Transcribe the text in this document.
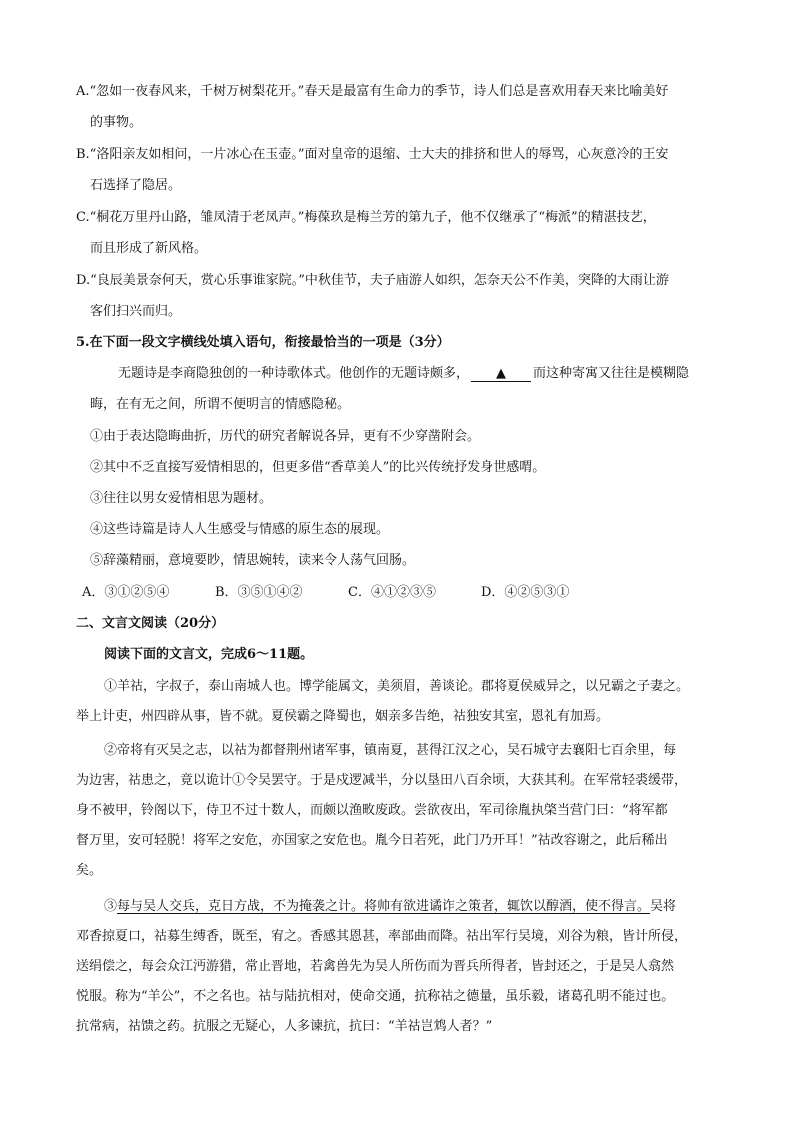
A.“忽如一夜春风来，千树万树梨花开。”春天是最富有生命力的季节，诗人们总是喜欢用春天来比喻美好
的事物。
B.“洛阳亲友如相问，一片冰心在玉壶。”面对皇帝的退缩、士大夫的排挤和世人的辱骂，心灰意冷的王安
石选择了隐居。
C.“桐花万里丹山路，雏凤清于老凤声。”梅葆玖是梅兰芳的第九子，他不仅继承了“梅派”的精湛技艺，
而且形成了新风格。
D.“良辰美景奈何天，赏心乐事谁家院。”中秋佳节，夫子庙游人如织，怎奈天公不作美，突降的大雨让游
客们扫兴而归。
5.在下面一段文字横线处填入语句，衔接最恰当的一项是（3分）
无题诗是李商隐独创的一种诗歌体式。他创作的无题诗颇多， ▲ 而这种寄寓又往往是模糊隐
晦，在有无之间，所谓不便明言的情感隐秘。
①由于表达隐晦曲折，历代的研究者解说各异，更有不少穿凿附会。
②其中不乏直接写爱情相思的，但更多借“香草美人”的比兴传统抒发身世感喟。
③往往以男女爱情相思为题材。
④这些诗篇是诗人人生感受与情感的原生态的展现。
⑤辞藻精丽，意境要眇，情思婉转，读来令人荡气回肠。
A．③①②⑤④	B．③⑤①④②	C．④①②③⑤	D．④②⑤③①
二、文言文阅读（20分）
阅读下面的文言文，完成6～11题。
①羊祜，字叔子，泰山南城人也。博学能属文，美须眉，善谈论。郡将夏侯威异之，以兄霸之子妻之。
举上计吏，州四辟从事，皆不就。夏侯霸之降蜀也，姻亲多告绝，祜独安其室，恩礼有加焉。
②帝将有灭吴之志，以祜为都督荆州诸军事，镇南夏，甚得江汉之心，吴石城守去襄阳七百余里，每
为边害，祜患之，竟以诡计①令吴罢守。于是戍逻减半，分以垦田八百余顷，大获其利。在军常轻裘缓带，
身不被甲，铃阁以下，侍卫不过十数人，而颇以渔畋废政。尝欲夜出，军司徐胤执棨当营门曰：“将军都
督万里，安可轻脱！将军之安危，亦国家之安危也。胤今日若死，此门乃开耳！”祜改容谢之，此后稀出
矣。
③每与吴人交兵，克日方战，不为掩袭之计。将帅有欲进谲诈之策者，辄饮以醇酒，使不得言。吴将
邓香掠夏口，祜募生缚香，既至，宥之。香感其恩甚，率部曲而降。祜出军行吴境，刈谷为粮，皆计所侵，
送绢偿之，每会众江沔游猎，常止晋地，若禽兽先为吴人所伤而为晋兵所得者，皆封还之，于是吴人翕然
悦服。称为“羊公”，不之名也。祜与陆抗相对，使命交通，抗称祜之德量，虽乐毅，诸葛孔明不能过也。
抗常病，祜馈之药。抗服之无疑心，人多谏抗，抗曰：“羊祜岂鸩人者？”
